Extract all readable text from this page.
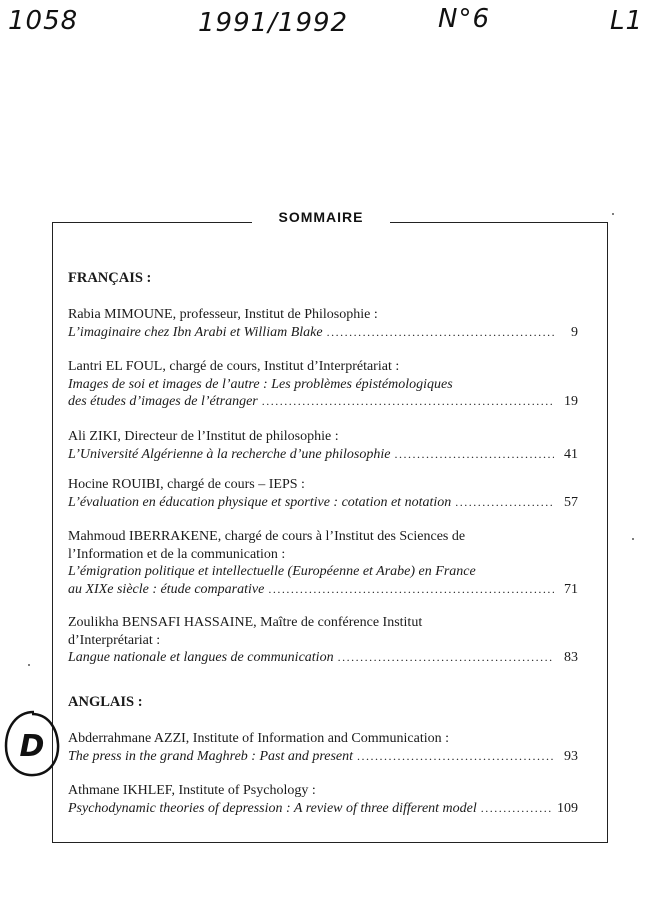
1058	1991/1992	N°6	L1
SOMMAIRE
FRANÇAIS :
Rabia MIMOUNE, professeur, Institut de Philosophie :
L’imaginaire chez Ibn Arabi et William Blake .....	9
Lantri EL FOUL, chargé de cours, Institut d’Interprétariat :
Images de soi et images de l’autre : Les problèmes épistémologiques
des études d’images de l’étranger .....	19
Ali ZIKI, Directeur de l’Institut de philosophie :
L’Université Algérienne à la recherche d’une philosophie .....	41
Hocine ROUIBI, chargé de cours – IEPS :
L’évaluation en éducation physique et sportive : cotation et notation .....	57
Mahmoud IBERRAKENE, chargé de cours à l’Institut des Sciences de
l’Information et de la communication :
L’émigration politique et intellectuelle (Européenne et Arabe) en France
au XIXe siècle : étude comparative .....	71
Zoulikha BENSAFI HASSAINE, Maître de conférence Institut
d’Interprétariat :
Langue nationale et langues de communication .....	83
ANGLAIS :
Abderrahmane AZZI, Institute of Information and Communication :
The press in the grand Maghreb : Past and present .....	93
Athmane IKHLEF, Institute of Psychology :
Psychodynamic theories of depression : A review of three different model .....	109
D
